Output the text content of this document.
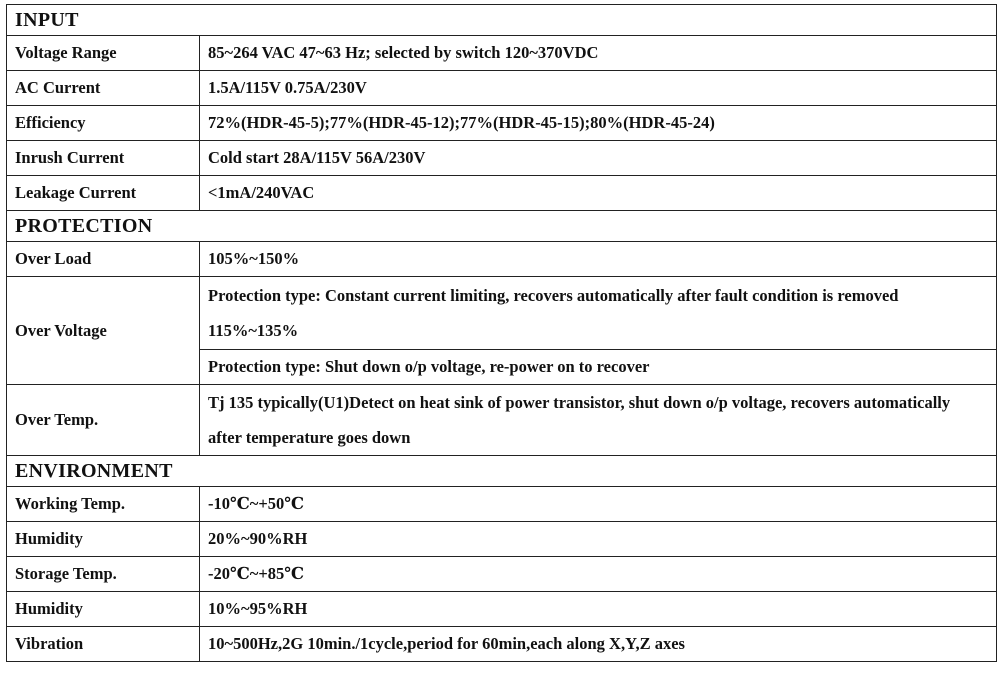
INPUT	
Voltage Range	85~264 VAC 47~63 Hz; selected by switch 120~370VDC
AC Current	1.5A/115V 0.75A/230V
Efficiency	72%(HDR-45-5);77%(HDR-45-12);77%(HDR-45-15);80%(HDR-45-24)
Inrush Current	Cold start 28A/115V 56A/230V
Leakage Current	<1mA/240VAC
PROTECTION	
Over Load	105%~150%
Over Voltage	Protection type: Constant current limiting, recovers automatically after fault condition is removed 115%~135%
	Protection type: Shut down o/p voltage, re-power on to recover
Over Temp.	Tj 135 typically(U1)Detect on heat sink of power transistor, shut down o/p voltage, recovers automatically after temperature goes down
ENVIRONMENT	
Working Temp.	-10℃~+50℃
Humidity	20%~90%RH
Storage Temp.	-20℃~+85℃
Humidity	10%~95%RH
Vibration	10~500Hz,2G 10min./1cycle,period for 60min,each along X,Y,Z axes
